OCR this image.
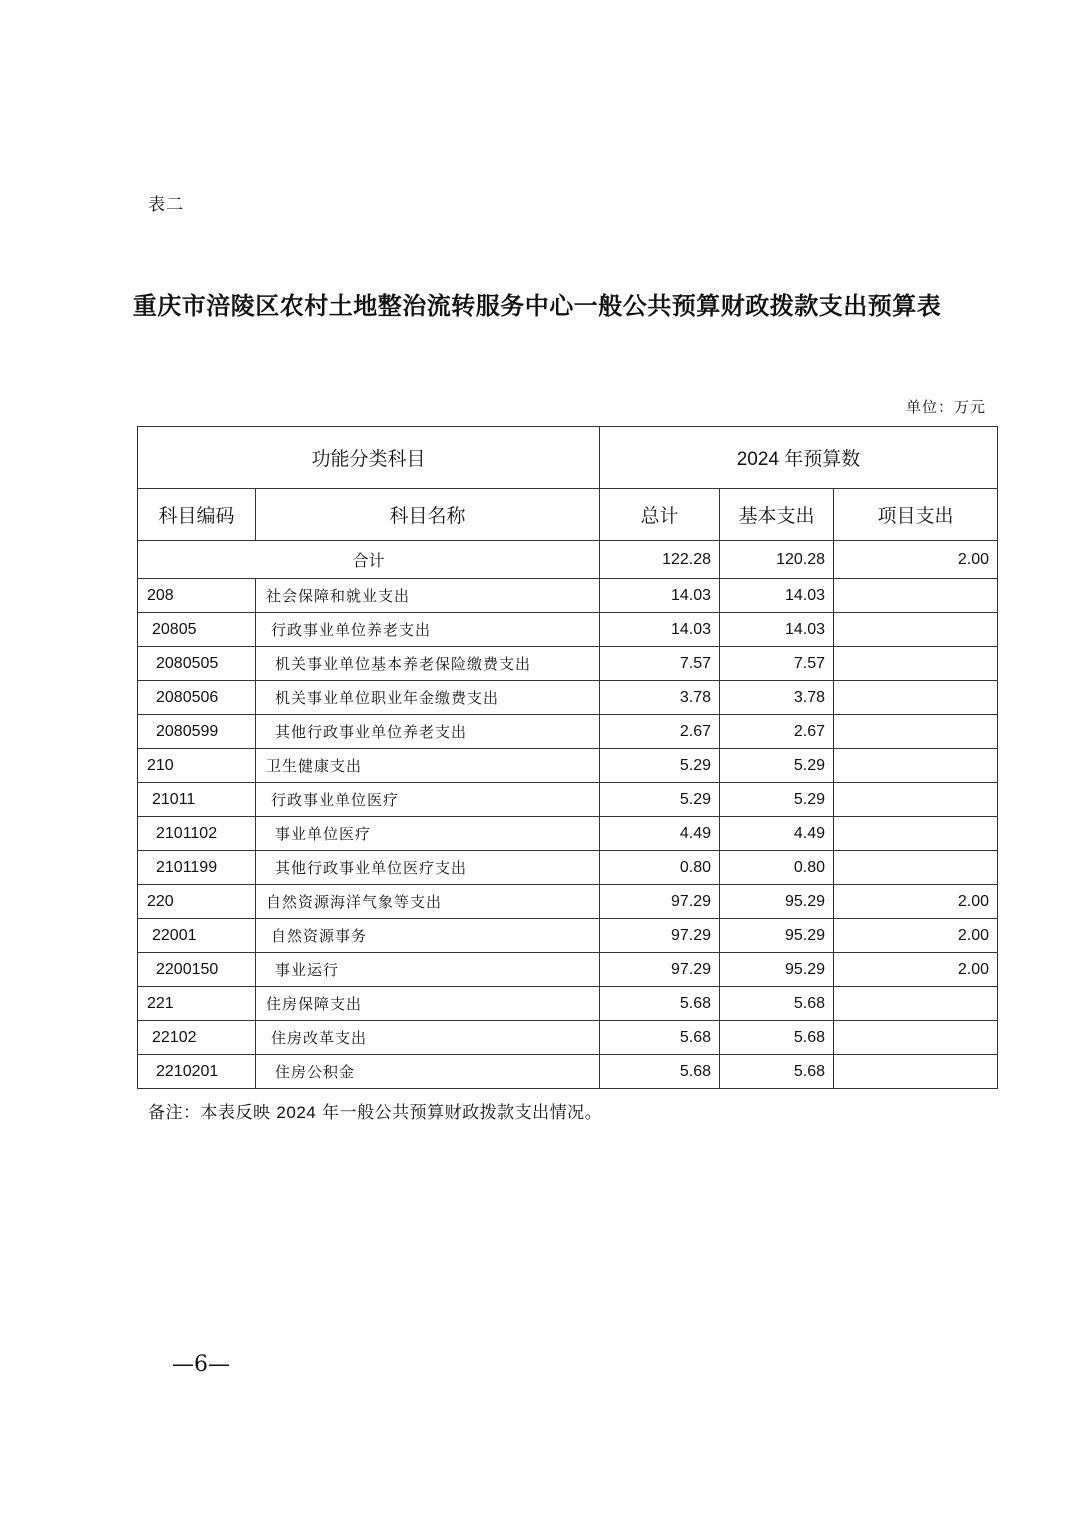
表二
重庆市涪陵区农村土地整治流转服务中心一般公共预算财政拨款支出预算表
单位：万元
功能分类科目		2024 年预算数		
科目编码	科目名称	总计	基本支出	项目支出
合计		122.28	120.28	2.00
208	社会保障和就业支出	14.03	14.03	
20805	行政事业单位养老支出	14.03	14.03	
2080505	机关事业单位基本养老保险缴费支出	7.57	7.57	
2080506	机关事业单位职业年金缴费支出	3.78	3.78	
2080599	其他行政事业单位养老支出	2.67	2.67	
210	卫生健康支出	5.29	5.29	
21011	行政事业单位医疗	5.29	5.29	
2101102	事业单位医疗	4.49	4.49	
2101199	其他行政事业单位医疗支出	0.80	0.80	
220	自然资源海洋气象等支出	97.29	95.29	2.00
22001	自然资源事务	97.29	95.29	2.00
2200150	事业运行	97.29	95.29	2.00
221	住房保障支出	5.68	5.68	
22102	住房改革支出	5.68	5.68	
2210201	住房公积金	5.68	5.68	
备注：本表反映 2024 年一般公共预算财政拨款支出情况。
—6—
